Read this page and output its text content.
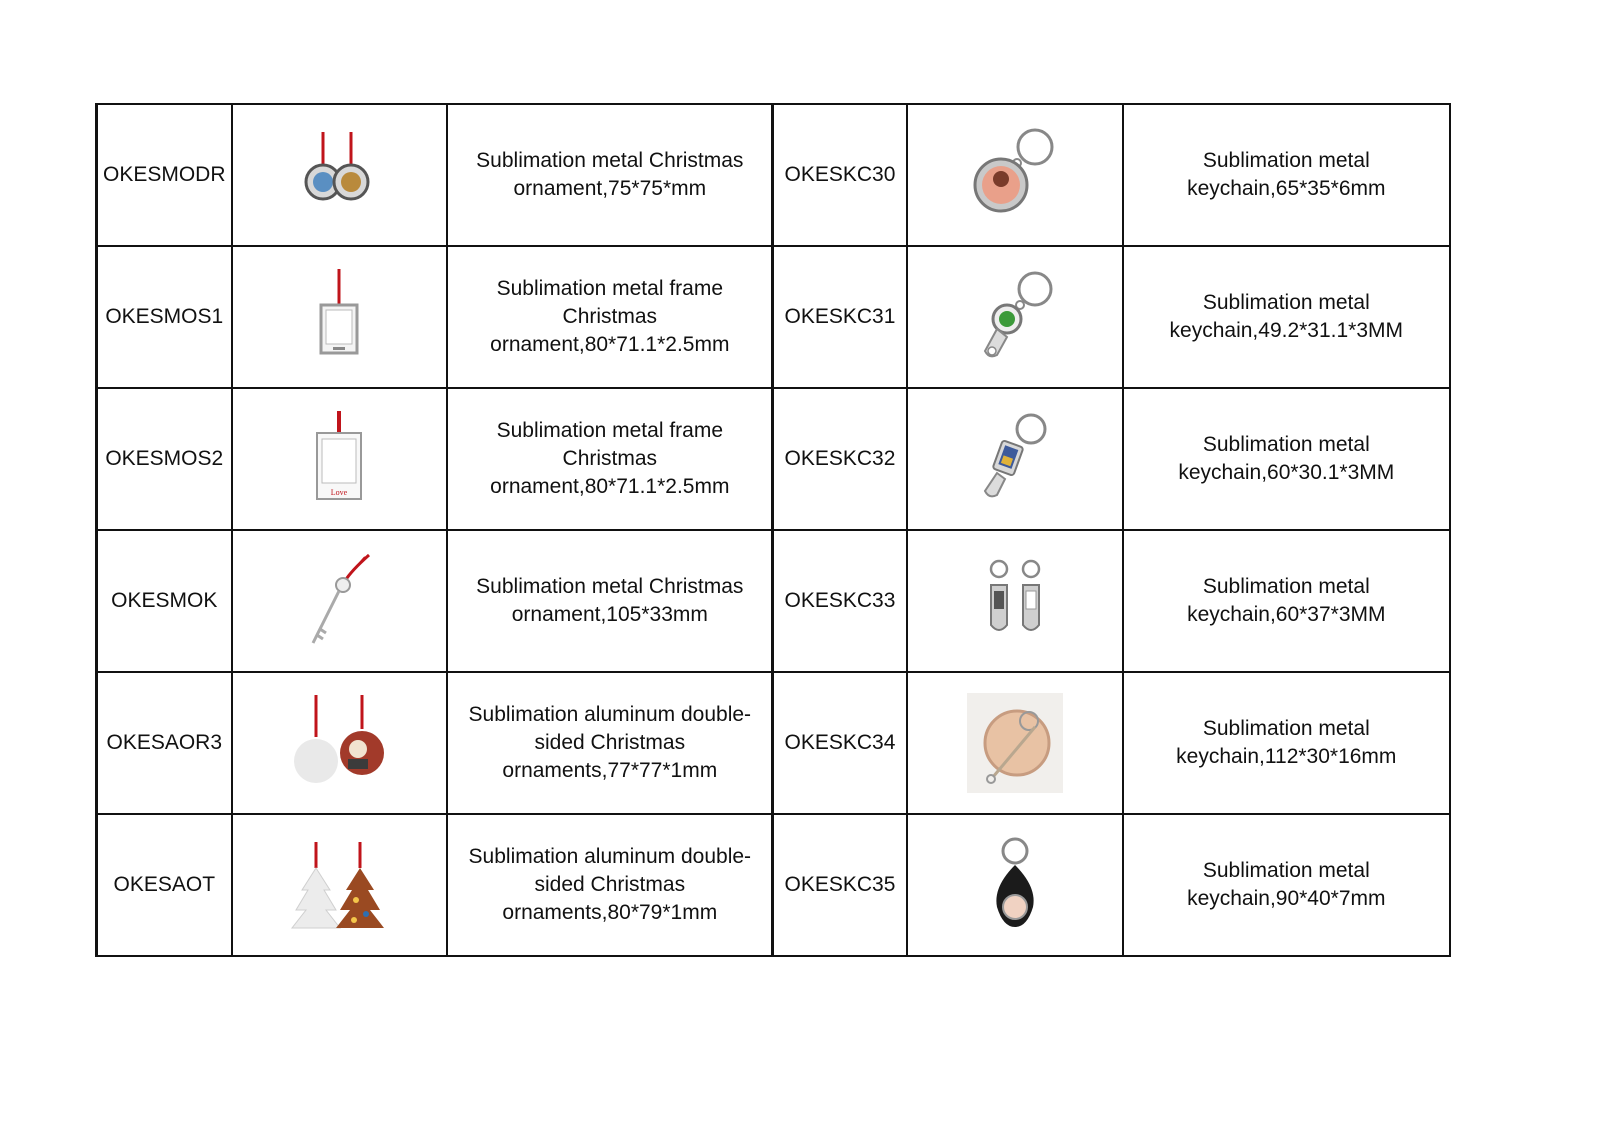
OKESMODR		Sublimation metal Christmas ornament,75*75*mm	OKESKC30		Sublimation metal keychain,65*35*6mm
OKESMOS1		Sublimation metal frame Christmas ornament,80*71.1*2.5mm	OKESKC31		Sublimation metal keychain,49.2*31.1*3MM
OKESMOS2	Love	Sublimation metal frame Christmas ornament,80*71.1*2.5mm	OKESKC32		Sublimation metal keychain,60*30.1*3MM
OKESMOK		Sublimation metal Christmas ornament,105*33mm	OKESKC33		Sublimation metal keychain,60*37*3MM
OKESAOR3		Sublimation aluminum double-sided Christmas ornaments,77*77*1mm	OKESKC34		Sublimation metal keychain,112*30*16mm
OKESAOT		Sublimation aluminum double-sided Christmas ornaments,80*79*1mm	OKESKC35		Sublimation metal keychain,90*40*7mm
